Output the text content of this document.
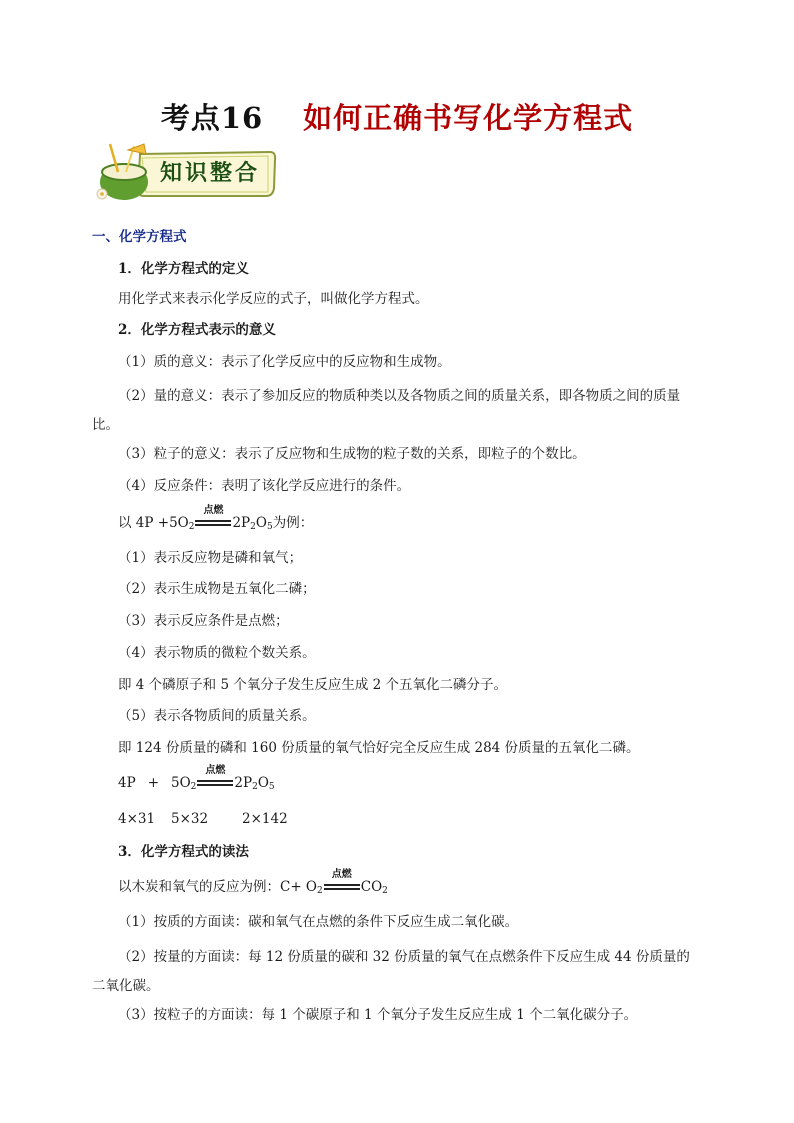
考点16 如何正确书写化学方程式
知识整合
一、化学方程式
1．化学方程式的定义
用化学式来表示化学反应的式子，叫做化学方程式。
2．化学方程式表示的意义
（1）质的意义：表示了化学反应中的反应物和生成物。
（2）量的意义：表示了参加反应的物质种类以及各物质之间的质量关系，即各物质之间的质量比。
（3）粒子的意义：表示了反应物和生成物的粒子数的关系，即粒子的个数比。
（4）反应条件：表明了该化学反应进行的条件。
以 $4P +5O_2$
点燃
$2P_2O_5$为例：
（1）表示反应物是磷和氧气；
（2）表示生成物是五氧化二磷；
（3）表示反应条件是点燃；
（4）表示物质的微粒个数关系。
即 4 个磷原子和 5 个氧分子发生反应生成 2 个五氧化二磷分子。
（5）表示各物质间的质量关系。
即 124 份质量的磷和 160 份质量的氧气恰好完全反应生成 284 份质量的五氧化二磷。
$4P + 5O_2$
点燃
$2P_2O_5$
4×31 5×32	2×142
3．化学方程式的读法
以木炭和氧气的反应为例：$C+ O_2$
点燃
$CO_2$
（1）按质的方面读：碳和氧气在点燃的条件下反应生成二氧化碳。
（2）按量的方面读：每 12 份质量的碳和 32 份质量的氧气在点燃条件下反应生成 44 份质量的二氧化碳。
（3）按粒子的方面读：每 1 个碳原子和 1 个氧分子发生反应生成 1 个二氧化碳分子。
